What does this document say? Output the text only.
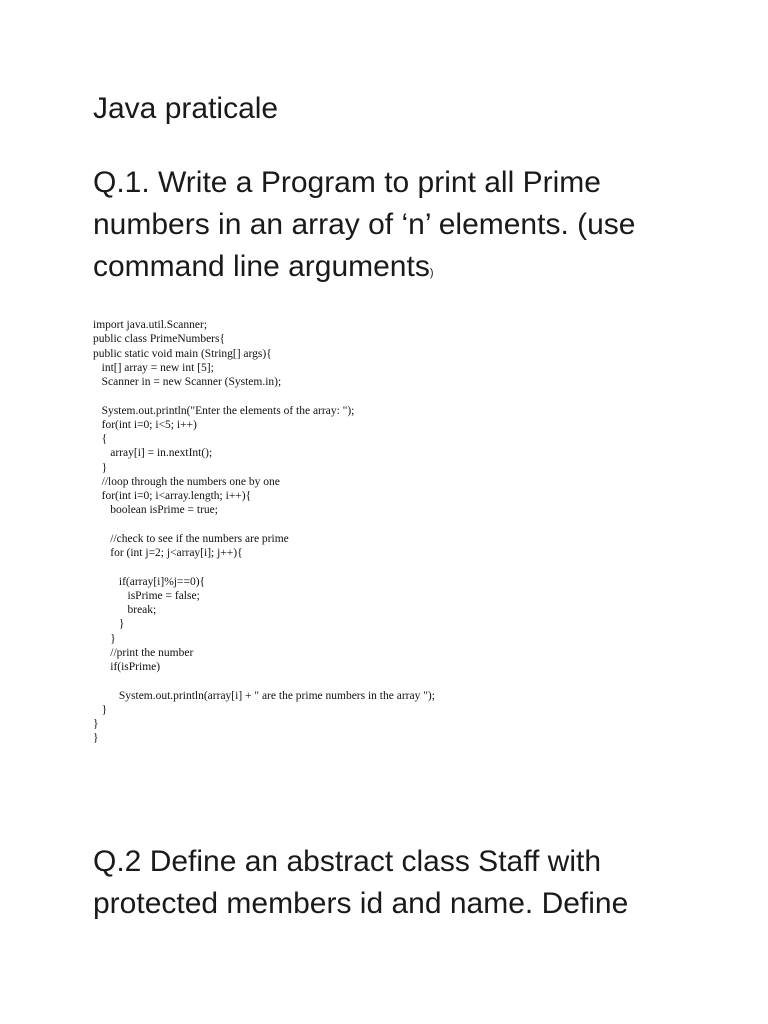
Java praticale
Q.1. Write a Program to print all Prime
numbers in an array of ‘n’ elements. (use
command line arguments)
import java.util.Scanner;
public class PrimeNumbers{
public static void main (String[] args){
int[] array = new int [5];
Scanner in = new Scanner (System.in);
System.out.println("Enter the elements of the array: ");
for(int i=0; i<5; i++)
{
array[i] = in.nextInt();
}
//loop through the numbers one by one
for(int i=0; i<array.length; i++){
boolean isPrime = true;
//check to see if the numbers are prime
for (int j=2; j<array[i]; j++){
if(array[i]%j==0){
isPrime = false;
break;
}
}
//print the number
if(isPrime)
System.out.println(array[i] + " are the prime numbers in the array ");
}
}
}
Q.2 Define an abstract class Staff with
protected members id and name. Define
